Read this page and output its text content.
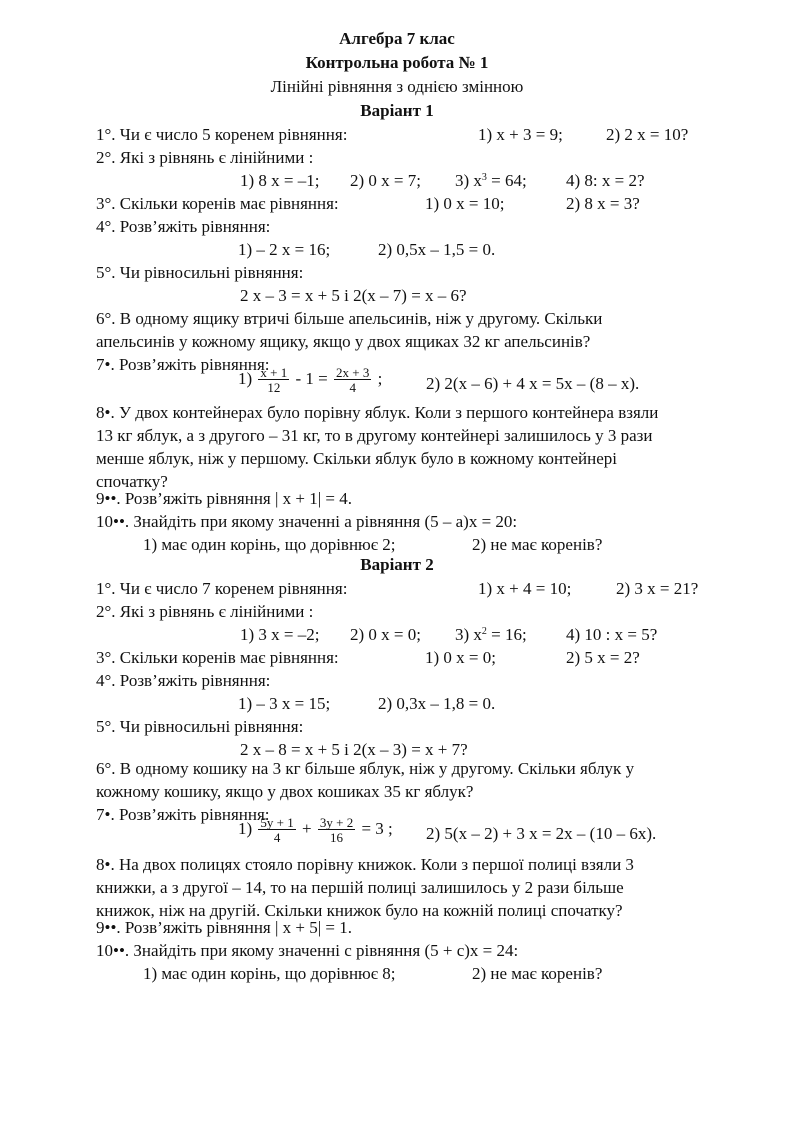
Алгебра 7 клас
Контрольна робота № 1
Лінійні рівняння з однією змінною
Варіант 1
1°. Чи є число 5 коренем рівняння:	1) x + 3 = 9;	2) 2 x = 10?
2°. Які з рівнянь є лінійними :
1) 8 x = –1; 2) 0 x = 7; 3) $x^3 = 64$; 4) 8: x = 2?
3°. Скільки коренів має рівняння:	1) 0 x = 10;	2) 8 x = 3?
4°. Розв’яжіть рівняння:
1) – 2 x = 16;	2) 0,5x – 1,5 = 0.
5°. Чи рівносильні рівняння:
2 x – 3 = x + 5 і 2(x – 7) = x – 6?
6°. В одному ящику втричі більше апельсинів, ніж у другому. Скільки
апельсинів у кожному ящику, якщо у двох ящиках 32 кг апельсинів?
7•. Розв’яжіть рівняння:
$1) \frac{x + 1}{12} - 1 = \frac{2x + 3}{4}$ ;	2) 2(x – 6) + 4 x = 5x – (8 – x).
8•. У двох контейнерах було порівну яблук. Коли з першого контейнера взяли
13 кг яблук, а з другого – 31 кг, то в другому контейнері залишилось у 3 рази
менше яблук, ніж у першому. Скільки яблук було в кожному контейнері
спочатку?
9••. Розв’яжіть рівняння | x + 1| = 4.
10••. Знайдіть при якому значенні a рівняння (5 – a)x = 20:
1) має один корінь, що дорівнює 2;	2) не має коренів?
Варіант 2
1°. Чи є число 7 коренем рівняння:	1) x + 4 = 10;	2) 3 x = 21?
2°. Які з рівнянь є лінійними :
1) 3 x = –2; 2) 0 x = 0; 3) $x^2 = 16$; 4) 10 : x = 5?
3°. Скільки коренів має рівняння:	1) 0 x = 0;	2) 5 x = 2?
4°. Розв’яжіть рівняння:
1) – 3 x = 15;	2) 0,3x – 1,8 = 0.
5°. Чи рівносильні рівняння:
2 x – 8 = x + 5 і 2(x – 3) = x + 7?
6°. В одному кошику на 3 кг більше яблук, ніж у другому. Скільки яблук у
кожному кошику, якщо у двох кошиках 35 кг яблук?
7•. Розв’яжіть рівняння:
$1) \frac{5y + 1}{4} + \frac{3y + 2}{16} = 3$ ; 2) 5(x – 2) + 3 x = 2x – (10 – 6x).
8•. На двох полицях стояло порівну книжок. Коли з першої полиці взяли 3
книжки, а з другої – 14, то на першій полиці залишилось у 2 рази більше
книжок, ніж на другій. Скільки книжок було на кожній полиці спочатку?
9••. Розв’яжіть рівняння | x + 5| = 1.
10••. Знайдіть при якому значенні c рівняння (5 + c)x = 24:
1) має один корінь, що дорівнює 8;	2) не має коренів?
